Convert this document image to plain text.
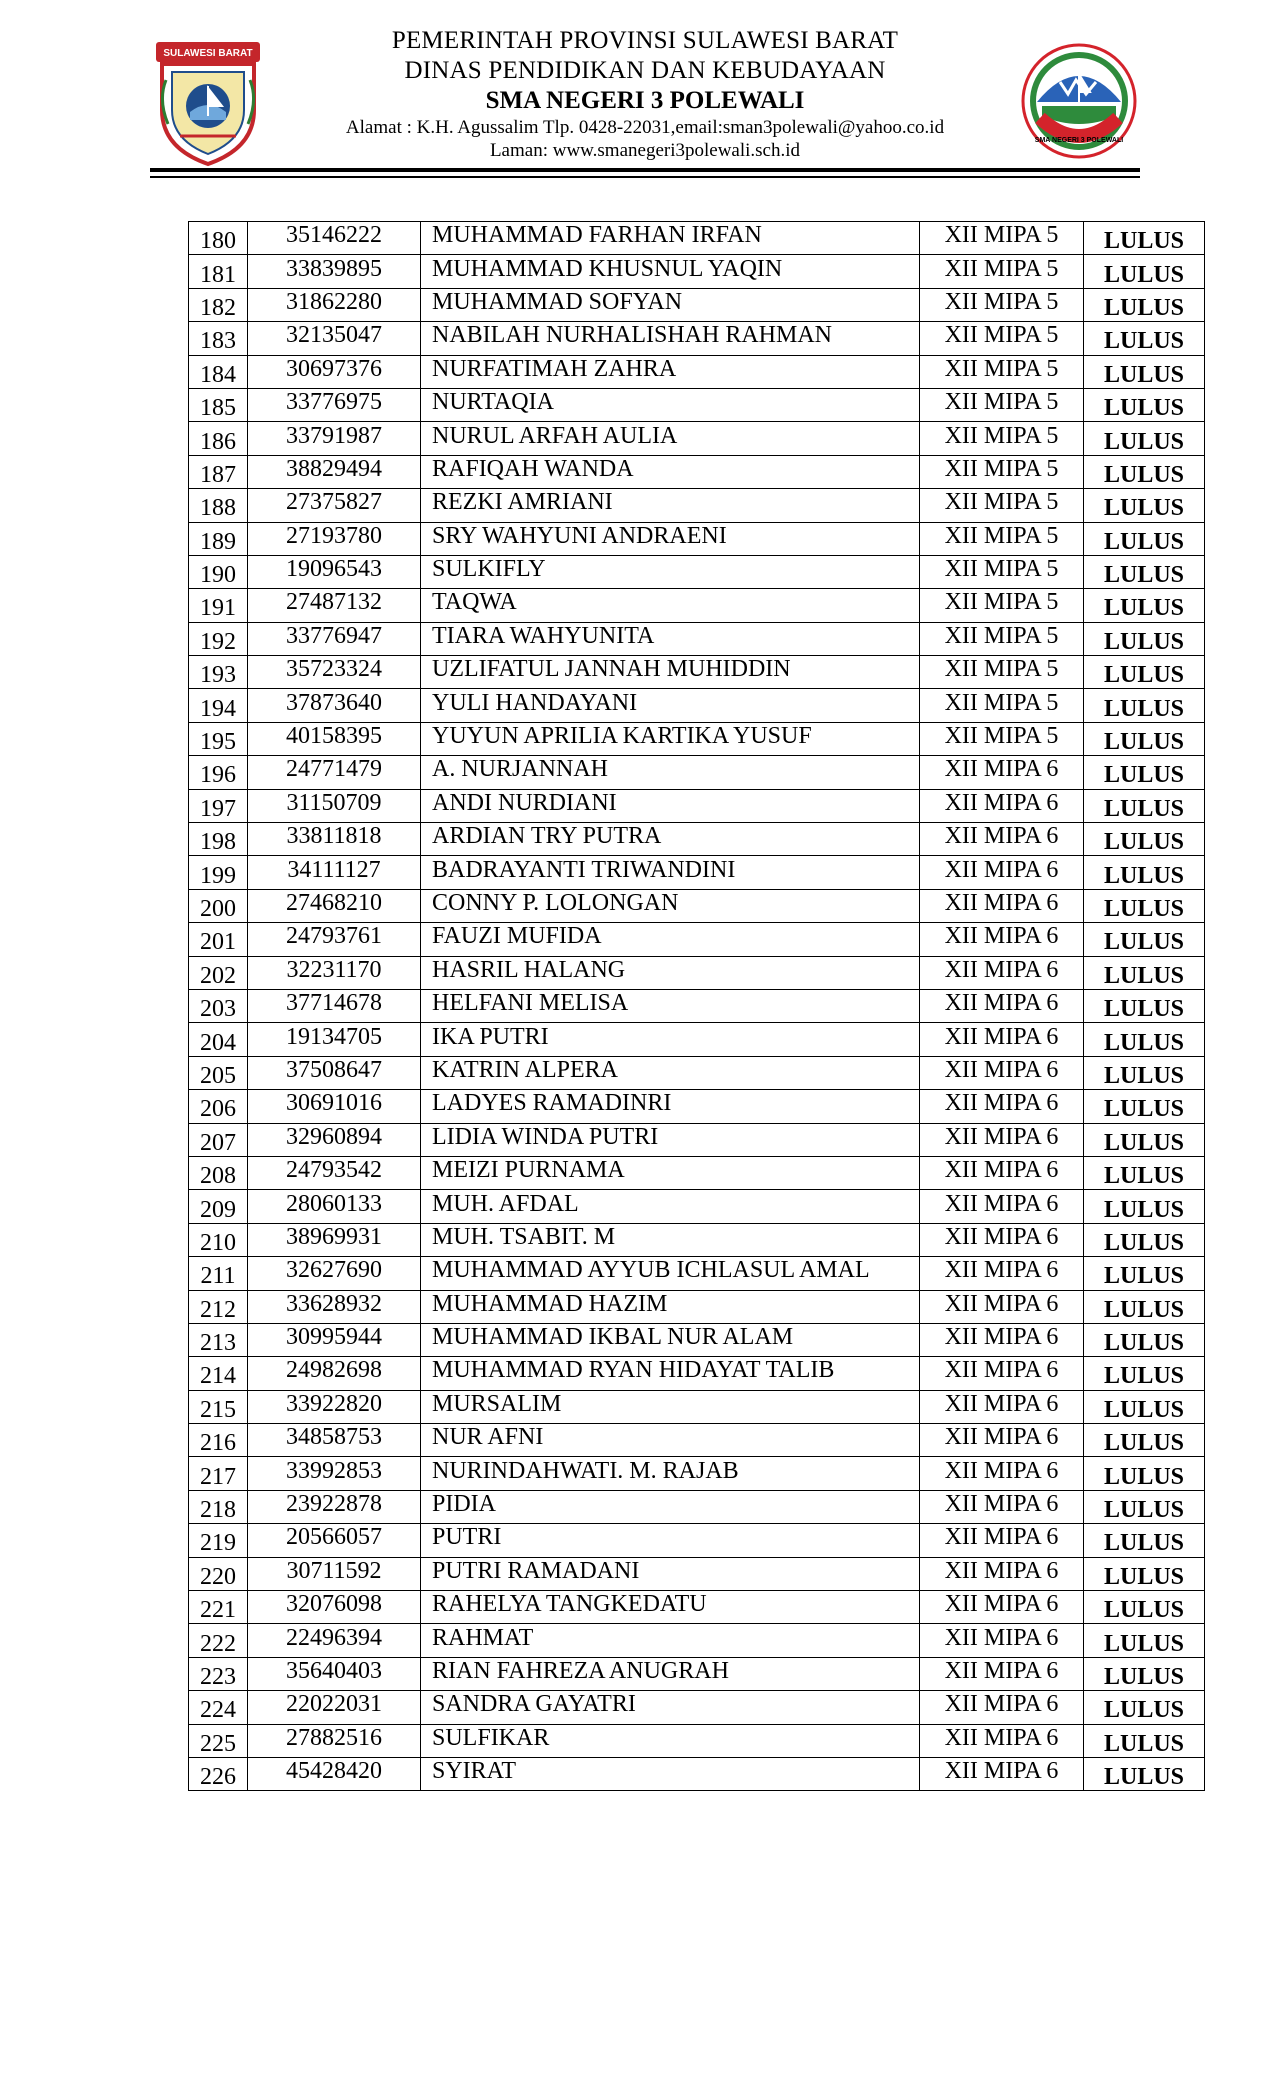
SULAWESI BARAT	PEMERINTAH PROVINSI SULAWESI BARAT
DINAS PENDIDIKAN DAN KEBUDAYAAN
SMA NEGERI 3 POLEWALI
Alamat : K.H. Agussalim Tlp. 0428-22031,email:sman3polewali@yahoo.co.id
Laman: www.smanegeri3polewali.sch.id	SMA NEGERI 3 POLEWALI
180	35146222	MUHAMMAD FARHAN IRFAN	XII MIPA 5	LULUS
181	33839895	MUHAMMAD KHUSNUL YAQIN	XII MIPA 5	LULUS
182	31862280	MUHAMMAD SOFYAN	XII MIPA 5	LULUS
183	32135047	NABILAH NURHALISHAH RAHMAN	XII MIPA 5	LULUS
184	30697376	NURFATIMAH ZAHRA	XII MIPA 5	LULUS
185	33776975	NURTAQIA	XII MIPA 5	LULUS
186	33791987	NURUL ARFAH AULIA	XII MIPA 5	LULUS
187	38829494	RAFIQAH WANDA	XII MIPA 5	LULUS
188	27375827	REZKI AMRIANI	XII MIPA 5	LULUS
189	27193780	SRY WAHYUNI ANDRAENI	XII MIPA 5	LULUS
190	19096543	SULKIFLY	XII MIPA 5	LULUS
191	27487132	TAQWA	XII MIPA 5	LULUS
192	33776947	TIARA WAHYUNITA	XII MIPA 5	LULUS
193	35723324	UZLIFATUL JANNAH MUHIDDIN	XII MIPA 5	LULUS
194	37873640	YULI HANDAYANI	XII MIPA 5	LULUS
195	40158395	YUYUN APRILIA KARTIKA YUSUF	XII MIPA 5	LULUS
196	24771479	A. NURJANNAH	XII MIPA 6	LULUS
197	31150709	ANDI NURDIANI	XII MIPA 6	LULUS
198	33811818	ARDIAN TRY PUTRA	XII MIPA 6	LULUS
199	34111127	BADRAYANTI TRIWANDINI	XII MIPA 6	LULUS
200	27468210	CONNY P. LOLONGAN	XII MIPA 6	LULUS
201	24793761	FAUZI MUFIDA	XII MIPA 6	LULUS
202	32231170	HASRIL HALANG	XII MIPA 6	LULUS
203	37714678	HELFANI MELISA	XII MIPA 6	LULUS
204	19134705	IKA PUTRI	XII MIPA 6	LULUS
205	37508647	KATRIN ALPERA	XII MIPA 6	LULUS
206	30691016	LADYES RAMADINRI	XII MIPA 6	LULUS
207	32960894	LIDIA WINDA PUTRI	XII MIPA 6	LULUS
208	24793542	MEIZI PURNAMA	XII MIPA 6	LULUS
209	28060133	MUH. AFDAL	XII MIPA 6	LULUS
210	38969931	MUH. TSABIT. M	XII MIPA 6	LULUS
211	32627690	MUHAMMAD AYYUB ICHLASUL AMAL	XII MIPA 6	LULUS
212	33628932	MUHAMMAD HAZIM	XII MIPA 6	LULUS
213	30995944	MUHAMMAD IKBAL NUR ALAM	XII MIPA 6	LULUS
214	24982698	MUHAMMAD RYAN HIDAYAT TALIB	XII MIPA 6	LULUS
215	33922820	MURSALIM	XII MIPA 6	LULUS
216	34858753	NUR AFNI	XII MIPA 6	LULUS
217	33992853	NURINDAHWATI. M. RAJAB	XII MIPA 6	LULUS
218	23922878	PIDIA	XII MIPA 6	LULUS
219	20566057	PUTRI	XII MIPA 6	LULUS
220	30711592	PUTRI RAMADANI	XII MIPA 6	LULUS
221	32076098	RAHELYA TANGKEDATU	XII MIPA 6	LULUS
222	22496394	RAHMAT	XII MIPA 6	LULUS
223	35640403	RIAN FAHREZA ANUGRAH	XII MIPA 6	LULUS
224	22022031	SANDRA GAYATRI	XII MIPA 6	LULUS
225	27882516	SULFIKAR	XII MIPA 6	LULUS
226	45428420	SYIRAT	XII MIPA 6	LULUS
